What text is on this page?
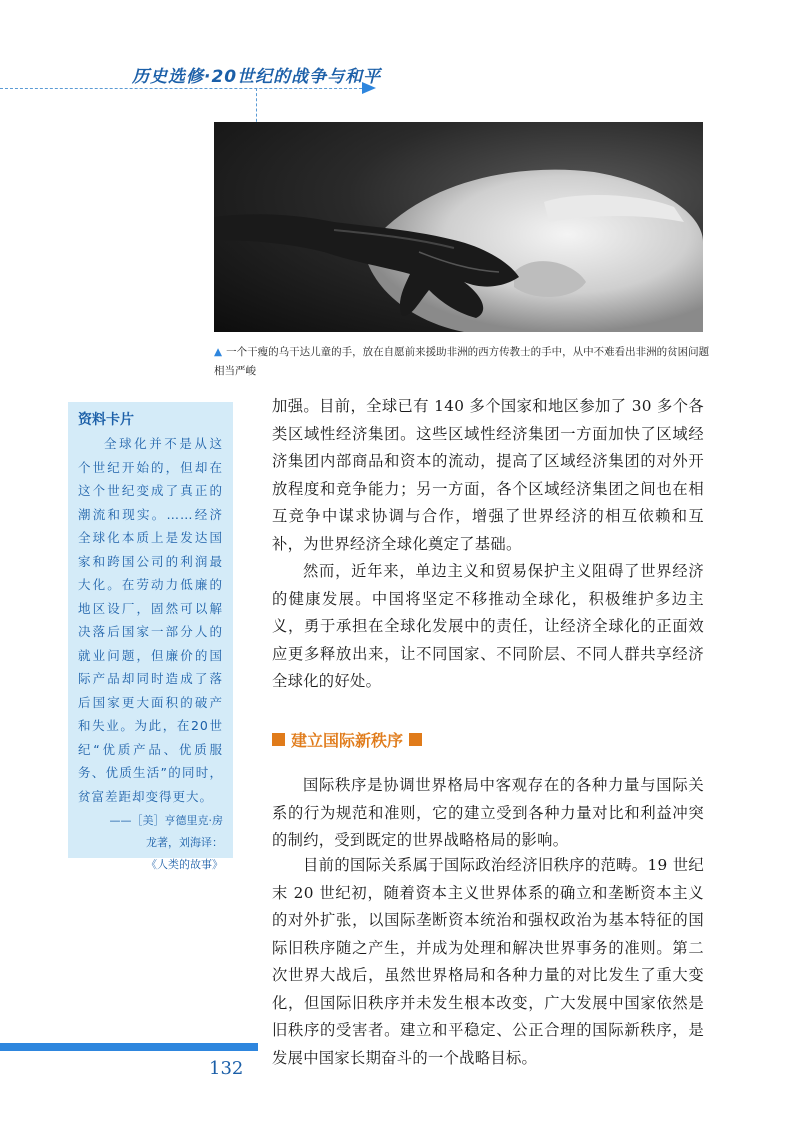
历史选修·20世纪的战争与和平
▲ 一个干瘦的乌干达儿童的手，放在自愿前来援助非洲的西方传教士的手中，从中不难看出非洲的贫困问题相当严峻
资料卡片
全球化并不是从这个世纪开始的，但却在这个世纪变成了真正的潮流和现实。……经济全球化本质上是发达国家和跨国公司的利润最大化。在劳动力低廉的地区设厂，固然可以解决落后国家一部分人的就业问题，但廉价的国际产品却同时造成了落后国家更大面积的破产和失业。为此，在20世纪“优质产品、优质服务、优质生活”的同时，贫富差距却变得更大。
——［美］亨德里克·房
龙著，刘海译：
《人类的故事》
加强。目前，全球已有 140 多个国家和地区参加了 30 多个各类区域性经济集团。这些区域性经济集团一方面加快了区域经济集团内部商品和资本的流动，提高了区域经济集团的对外开放程度和竞争能力；另一方面，各个区域经济集团之间也在相互竞争中谋求协调与合作，增强了世界经济的相互依赖和互补，为世界经济全球化奠定了基础。
然而，近年来，单边主义和贸易保护主义阻碍了世界经济的健康发展。中国将坚定不移推动全球化，积极维护多边主义，勇于承担在全球化发展中的责任，让经济全球化的正面效应更多释放出来，让不同国家、不同阶层、不同人群共享经济全球化的好处。
建立国际新秩序
国际秩序是协调世界格局中客观存在的各种力量与国际关系的行为规范和准则，它的建立受到各种力量对比和利益冲突的制约，受到既定的世界战略格局的影响。
目前的国际关系属于国际政治经济旧秩序的范畴。19 世纪末 20 世纪初，随着资本主义世界体系的确立和垄断资本主义的对外扩张，以国际垄断资本统治和强权政治为基本特征的国际旧秩序随之产生，并成为处理和解决世界事务的准则。第二次世界大战后，虽然世界格局和各种力量的对比发生了重大变化，但国际旧秩序并未发生根本改变，广大发展中国家依然是旧秩序的受害者。建立和平稳定、公正合理的国际新秩序，是发展中国家长期奋斗的一个战略目标。
132
